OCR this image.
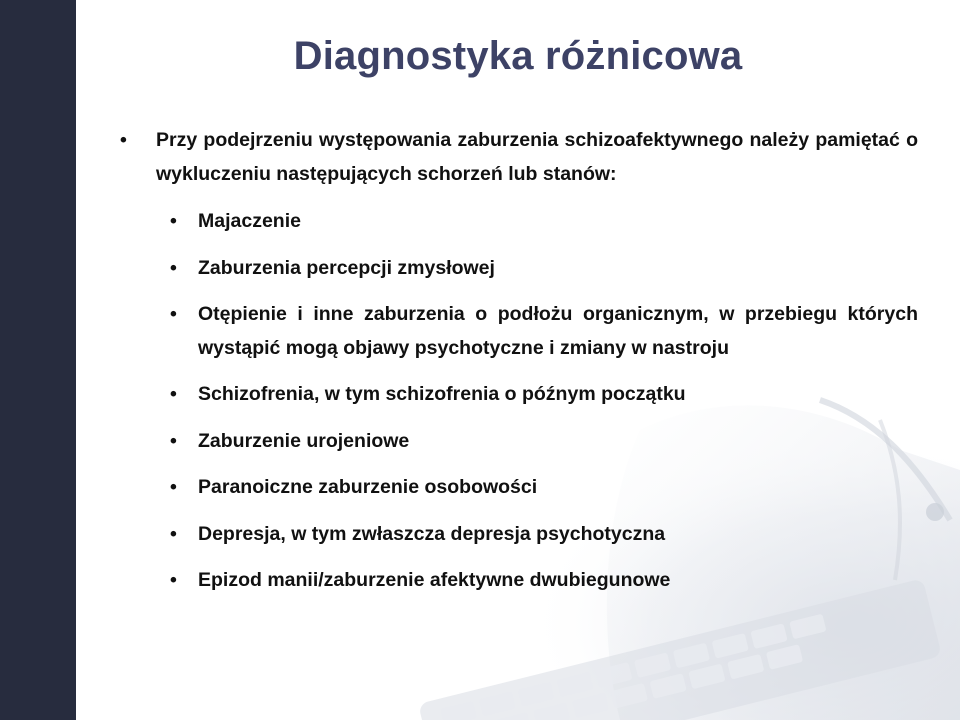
Diagnostyka różnicowa
• Przy podejrzeniu występowania zaburzenia schizoafektywnego należy pamiętać o wykluczeniu następujących schorzeń lub stanów:
• Majaczenie
• Zaburzenia percepcji zmysłowej
• Otępienie i inne zaburzenia o podłożu organicznym, w przebiegu których wystąpić mogą objawy psychotyczne i zmiany w nastroju
• Schizofrenia, w tym schizofrenia o późnym początku
• Zaburzenie urojeniowe
• Paranoiczne zaburzenie osobowości
• Depresja, w tym zwłaszcza depresja psychotyczna
• Epizod manii/zaburzenie afektywne dwubiegunowe
